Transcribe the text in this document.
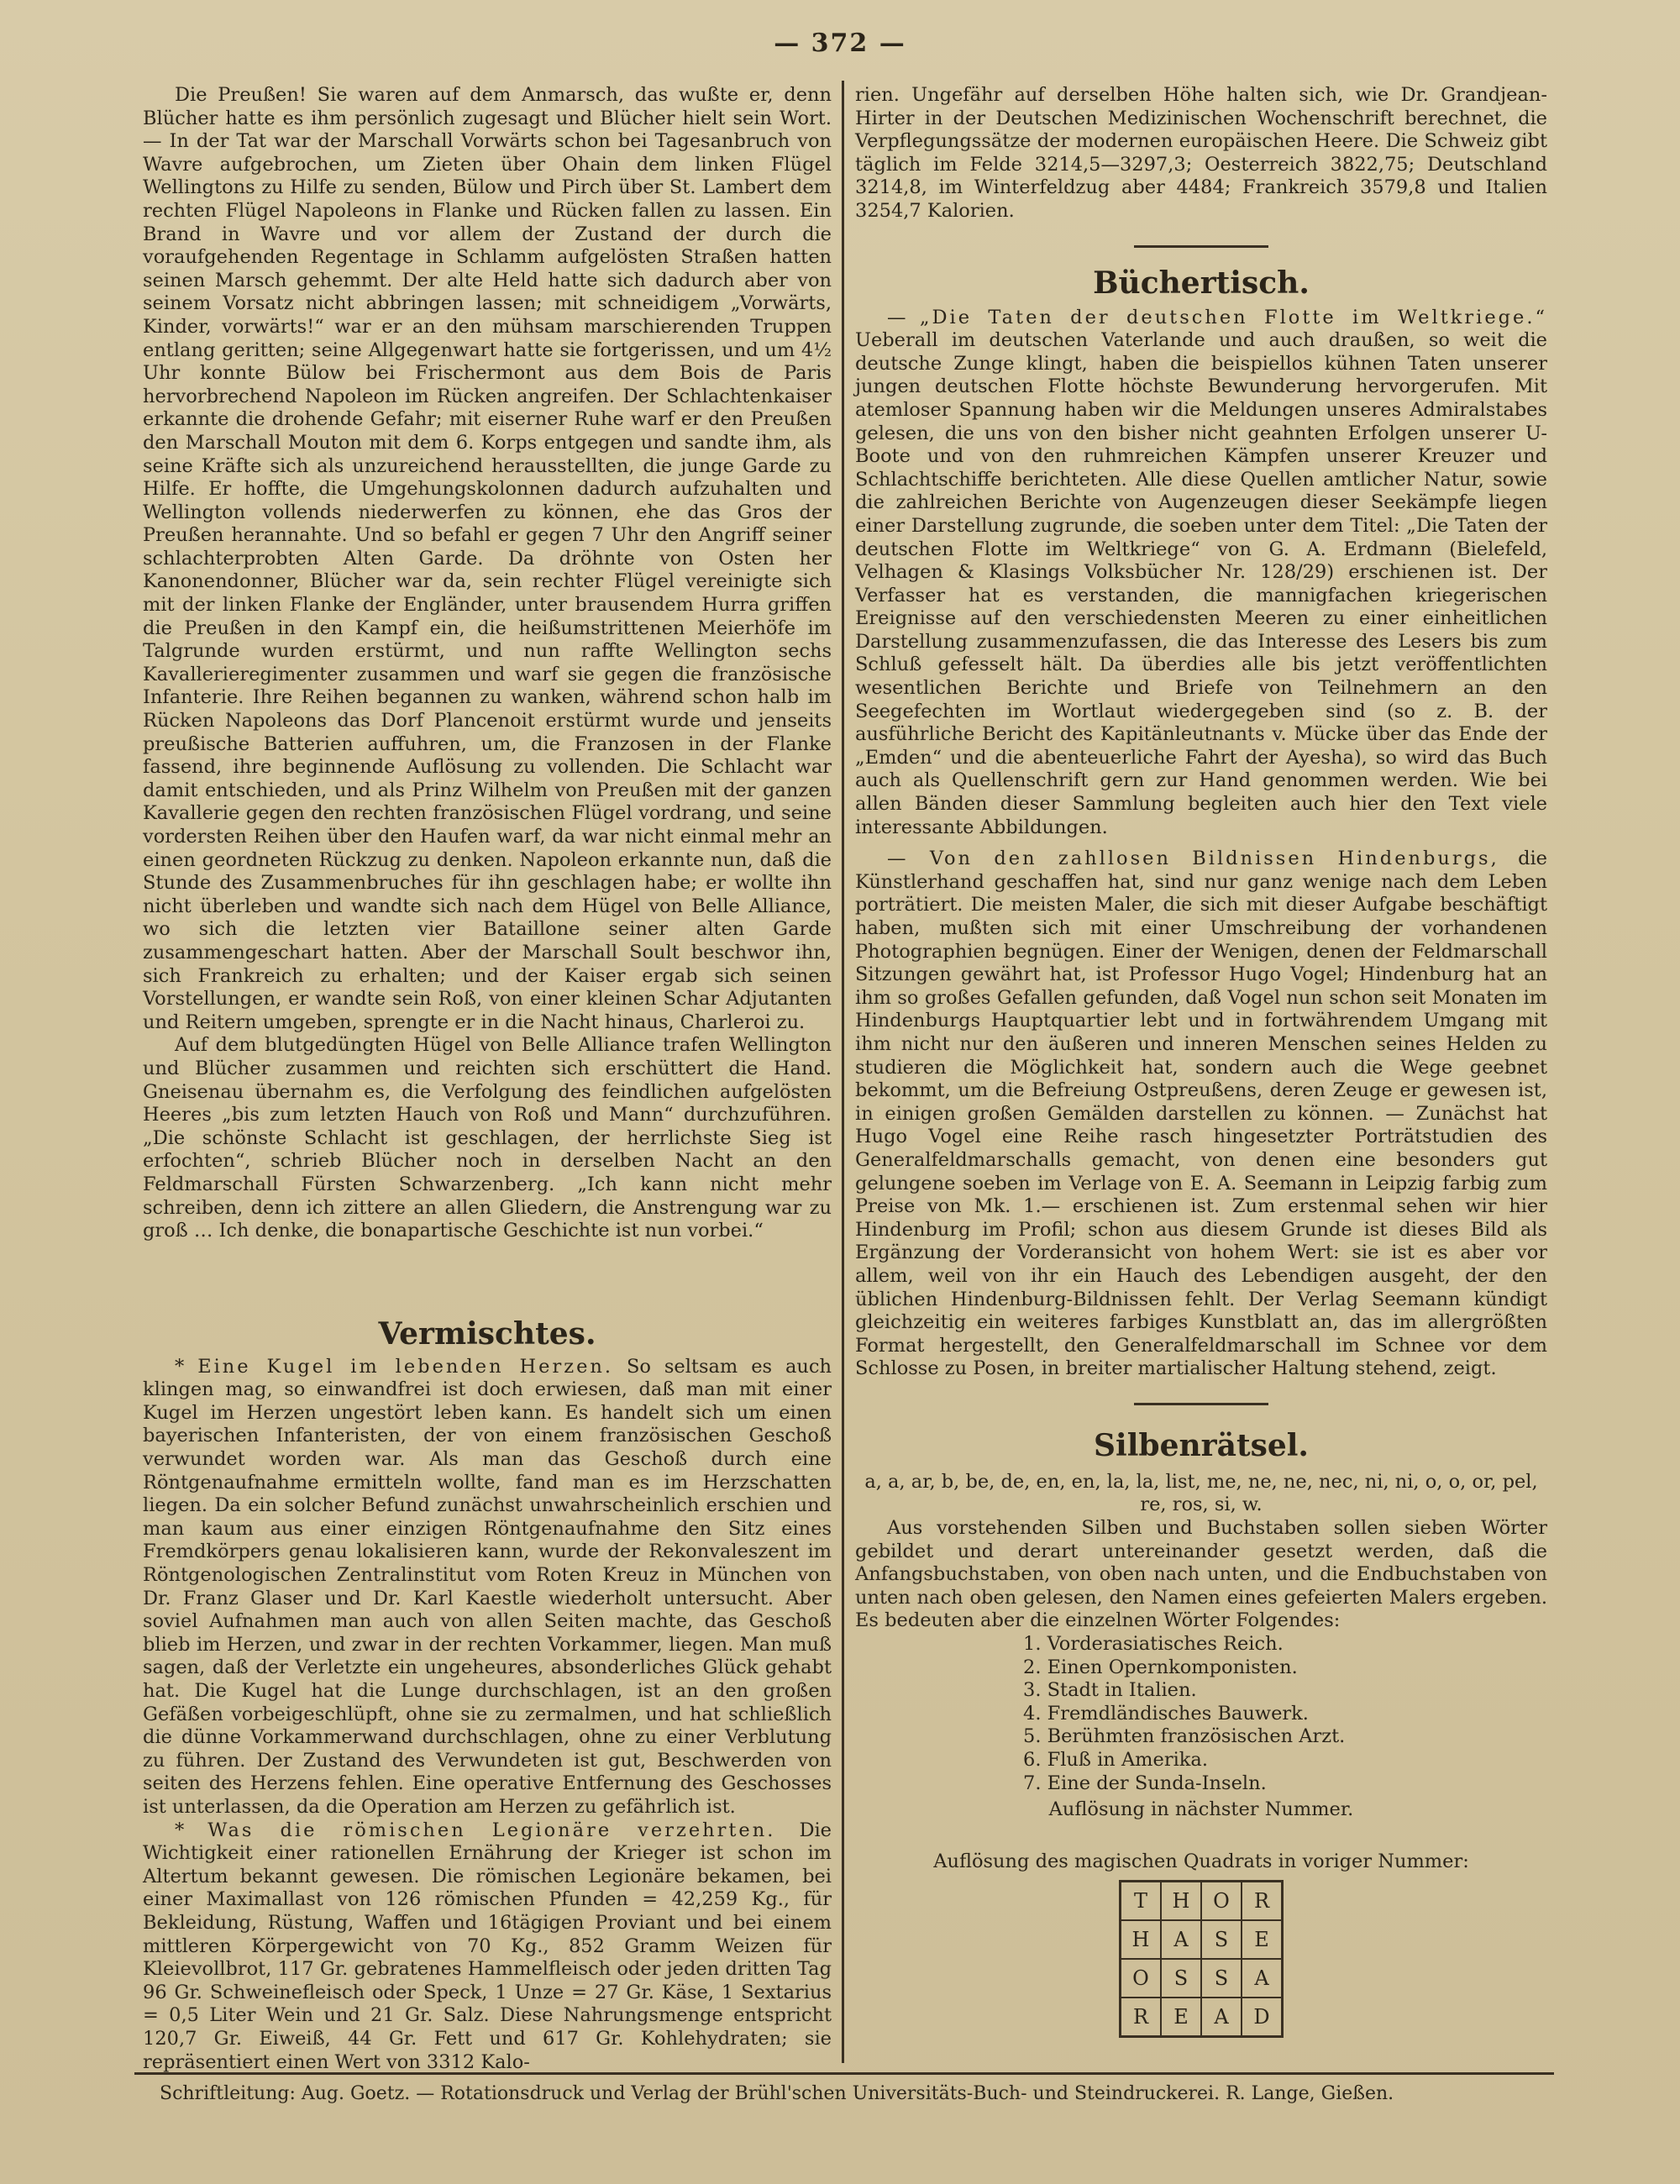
— 372 —

Die Preußen! Sie waren auf dem Anmarsch, das wußte er, denn Blücher hatte es ihm persönlich zugesagt und Blücher hielt sein Wort. — In der Tat war der Marschall Vorwärts schon bei Tagesanbruch von Wavre aufgebrochen, um Zieten über Ohain dem linken Flügel Wellingtons zu Hilfe zu senden, Bülow und Pirch über St. Lambert dem rechten Flügel Napoleons in Flanke und Rücken fallen zu lassen. Ein Brand in Wavre und vor allem der Zustand der durch die voraufgehenden Regentage in Schlamm aufgelösten Straßen hatten seinen Marsch gehemmt. Der alte Held hatte sich dadurch aber von seinem Vorsatz nicht abbringen lassen; mit schneidigem „Vorwärts, Kinder, vorwärts!“ war er an den mühsam marschierenden Truppen entlang geritten; seine Allgegenwart hatte sie fortgerissen, und um 4½ Uhr konnte Bülow bei Frischermont aus dem Bois de Paris hervorbrechend Napoleon im Rücken angreifen. Der Schlachtenkaiser erkannte die drohende Gefahr; mit eiserner Ruhe warf er den Preußen den Marschall Mouton mit dem 6. Korps entgegen und sandte ihm, als seine Kräfte sich als unzureichend herausstellten, die junge Garde zu Hilfe. Er hoffte, die Umgehungskolonnen dadurch aufzuhalten und Wellington vollends niederwerfen zu können, ehe das Gros der Preußen herannahte. Und so befahl er gegen 7 Uhr den Angriff seiner schlachterprobten Alten Garde. Da dröhnte von Osten her Kanonendonner, Blücher war da, sein rechter Flügel vereinigte sich mit der linken Flanke der Engländer, unter brausendem Hurra griffen die Preußen in den Kampf ein, die heißumstrittenen Meierhöfe im Talgrunde wurden erstürmt, und nun raffte Wellington sechs Kavallerieregimenter zusammen und warf sie gegen die französische Infanterie. Ihre Reihen begannen zu wanken, während schon halb im Rücken Napoleons das Dorf Plancenoit erstürmt wurde und jenseits preußische Batterien auffuhren, um, die Franzosen in der Flanke fassend, ihre beginnende Auflösung zu vollenden. Die Schlacht war damit entschieden, und als Prinz Wilhelm von Preußen mit der ganzen Kavallerie gegen den rechten französischen Flügel vordrang, und seine vordersten Reihen über den Haufen warf, da war nicht einmal mehr an einen geordneten Rückzug zu denken. Napoleon erkannte nun, daß die Stunde des Zusammenbruches für ihn geschlagen habe; er wollte ihn nicht überleben und wandte sich nach dem Hügel von Belle Alliance, wo sich die letzten vier Bataillone seiner alten Garde zusammengeschart hatten. Aber der Marschall Soult beschwor ihn, sich Frankreich zu erhalten; und der Kaiser ergab sich seinen Vorstellungen, er wandte sein Roß, von einer kleinen Schar Adjutanten und Reitern umgeben, sprengte er in die Nacht hinaus, Charleroi zu.

Auf dem blutgedüngten Hügel von Belle Alliance trafen Wellington und Blücher zusammen und reichten sich erschüttert die Hand. Gneisenau übernahm es, die Verfolgung des feindlichen aufgelösten Heeres „bis zum letzten Hauch von Roß und Mann“ durchzuführen. „Die schönste Schlacht ist geschlagen, der herrlichste Sieg ist erfochten“, schrieb Blücher noch in derselben Nacht an den Feldmarschall Fürsten Schwarzenberg. „Ich kann nicht mehr schreiben, denn ich zittere an allen Gliedern, die Anstrengung war zu groß … Ich denke, die bonapartische Geschichte ist nun vorbei.“

Vermischtes.

* Eine Kugel im lebenden Herzen. So seltsam es auch klingen mag, so einwandfrei ist doch erwiesen, daß man mit einer Kugel im Herzen ungestört leben kann. Es handelt sich um einen bayerischen Infanteristen, der von einem französischen Geschoß verwundet worden war. Als man das Geschoß durch eine Röntgenaufnahme ermitteln wollte, fand man es im Herzschatten liegen. Da ein solcher Befund zunächst unwahrscheinlich erschien und man kaum aus einer einzigen Röntgenaufnahme den Sitz eines Fremdkörpers genau lokalisieren kann, wurde der Rekonvaleszent im Röntgenologischen Zentralinstitut vom Roten Kreuz in München von Dr. Franz Glaser und Dr. Karl Kaestle wiederholt untersucht. Aber soviel Aufnahmen man auch von allen Seiten machte, das Geschoß blieb im Herzen, und zwar in der rechten Vorkammer, liegen. Man muß sagen, daß der Verletzte ein ungeheures, absonderliches Glück gehabt hat. Die Kugel hat die Lunge durchschlagen, ist an den großen Gefäßen vorbeigeschlüpft, ohne sie zu zermalmen, und hat schließlich die dünne Vorkammerwand durchschlagen, ohne zu einer Verblutung zu führen. Der Zustand des Verwundeten ist gut, Beschwerden von seiten des Herzens fehlen. Eine operative Entfernung des Geschosses ist unterlassen, da die Operation am Herzen zu gefährlich ist.

* Was die römischen Legionäre verzehrten. Die Wichtigkeit einer rationellen Ernährung der Krieger ist schon im Altertum bekannt gewesen. Die römischen Legionäre bekamen, bei einer Maximallast von 126 römischen Pfunden = 42,259 Kg., für Bekleidung, Rüstung, Waffen und 16tägigen Proviant und bei einem mittleren Körpergewicht von 70 Kg., 852 Gramm Weizen für Kleievollbrot, 117 Gr. gebratenes Hammelfleisch oder jeden dritten Tag 96 Gr. Schweinefleisch oder Speck, 1 Unze = 27 Gr. Käse, 1 Sextarius = 0,5 Liter Wein und 21 Gr. Salz. Diese Nahrungsmenge entspricht 120,7 Gr. Eiweiß, 44 Gr. Fett und 617 Gr. Kohlehydraten; sie repräsentiert einen Wert von 3312 Kalo-

rien. Ungefähr auf derselben Höhe halten sich, wie Dr. Grandjean-Hirter in der Deutschen Medizinischen Wochenschrift berechnet, die Verpflegungssätze der modernen europäischen Heere. Die Schweiz gibt täglich im Felde 3214,5—3297,3; Oesterreich 3822,75; Deutschland 3214,8, im Winterfeldzug aber 4484; Frankreich 3579,8 und Italien 3254,7 Kalorien.

Büchertisch.

— „Die Taten der deutschen Flotte im Weltkriege.“ Ueberall im deutschen Vaterlande und auch draußen, so weit die deutsche Zunge klingt, haben die beispiellos kühnen Taten unserer jungen deutschen Flotte höchste Bewunderung hervorgerufen. Mit atemloser Spannung haben wir die Meldungen unseres Admiralstabes gelesen, die uns von den bisher nicht geahnten Erfolgen unserer U-Boote und von den ruhmreichen Kämpfen unserer Kreuzer und Schlachtschiffe berichteten. Alle diese Quellen amtlicher Natur, sowie die zahlreichen Berichte von Augenzeugen dieser Seekämpfe liegen einer Darstellung zugrunde, die soeben unter dem Titel: „Die Taten der deutschen Flotte im Weltkriege“ von G. A. Erdmann (Bielefeld, Velhagen & Klasings Volksbücher Nr. 128/29) erschienen ist. Der Verfasser hat es verstanden, die mannigfachen kriegerischen Ereignisse auf den verschiedensten Meeren zu einer einheitlichen Darstellung zusammenzufassen, die das Interesse des Lesers bis zum Schluß gefesselt hält. Da überdies alle bis jetzt veröffentlichten wesentlichen Berichte und Briefe von Teilnehmern an den Seegefechten im Wortlaut wiedergegeben sind (so z. B. der ausführliche Bericht des Kapitänleutnants v. Mücke über das Ende der „Emden“ und die abenteuerliche Fahrt der Ayesha), so wird das Buch auch als Quellenschrift gern zur Hand genommen werden. Wie bei allen Bänden dieser Sammlung begleiten auch hier den Text viele interessante Abbildungen.

— Von den zahllosen Bildnissen Hindenburgs, die Künstlerhand geschaffen hat, sind nur ganz wenige nach dem Leben porträtiert. Die meisten Maler, die sich mit dieser Aufgabe beschäftigt haben, mußten sich mit einer Umschreibung der vorhandenen Photographien begnügen. Einer der Wenigen, denen der Feldmarschall Sitzungen gewährt hat, ist Professor Hugo Vogel; Hindenburg hat an ihm so großes Gefallen gefunden, daß Vogel nun schon seit Monaten im Hindenburgs Hauptquartier lebt und in fortwährendem Umgang mit ihm nicht nur den äußeren und inneren Menschen seines Helden zu studieren die Möglichkeit hat, sondern auch die Wege geebnet bekommt, um die Befreiung Ostpreußens, deren Zeuge er gewesen ist, in einigen großen Gemälden darstellen zu können. — Zunächst hat Hugo Vogel eine Reihe rasch hingesetzter Porträtstudien des Generalfeldmarschalls gemacht, von denen eine besonders gut gelungene soeben im Verlage von E. A. Seemann in Leipzig farbig zum Preise von Mk. 1.— erschienen ist. Zum erstenmal sehen wir hier Hindenburg im Profil; schon aus diesem Grunde ist dieses Bild als Ergänzung der Vorderansicht von hohem Wert: sie ist es aber vor allem, weil von ihr ein Hauch des Lebendigen ausgeht, der den üblichen Hindenburg-Bildnissen fehlt. Der Verlag Seemann kündigt gleichzeitig ein weiteres farbiges Kunstblatt an, das im allergrößten Format hergestellt, den Generalfeldmarschall im Schnee vor dem Schlosse zu Posen, in breiter martialischer Haltung stehend, zeigt.

Silbenrätsel.

a, a, ar, b, be, de, en, en, la, la, list, me, ne, ne, nec, ni, ni, o, o, or, pel, re, ros, si, w.

Aus vorstehenden Silben und Buchstaben sollen sieben Wörter gebildet und derart untereinander gesetzt werden, daß die Anfangsbuchstaben, von oben nach unten, und die Endbuchstaben von unten nach oben gelesen, den Namen eines gefeierten Malers ergeben. Es bedeuten aber die einzelnen Wörter Folgendes:

1. Vorderasiatisches Reich.
2. Einen Opernkomponisten.
3. Stadt in Italien.
4. Fremdländisches Bauwerk.
5. Berühmten französischen Arzt.
6. Fluß in Amerika.
7. Eine der Sunda-Inseln.

Auflösung in nächster Nummer.

Auflösung des magischen Quadrats in voriger Nummer:

T	H	O	R
H	A	S	E
O	S	S	A
R	E	A	D
Schriftleitung: Aug. Goetz. — Rotationsdruck und Verlag der Brühl'schen Universitäts-Buch- und Steindruckerei. R. Lange, Gießen.
